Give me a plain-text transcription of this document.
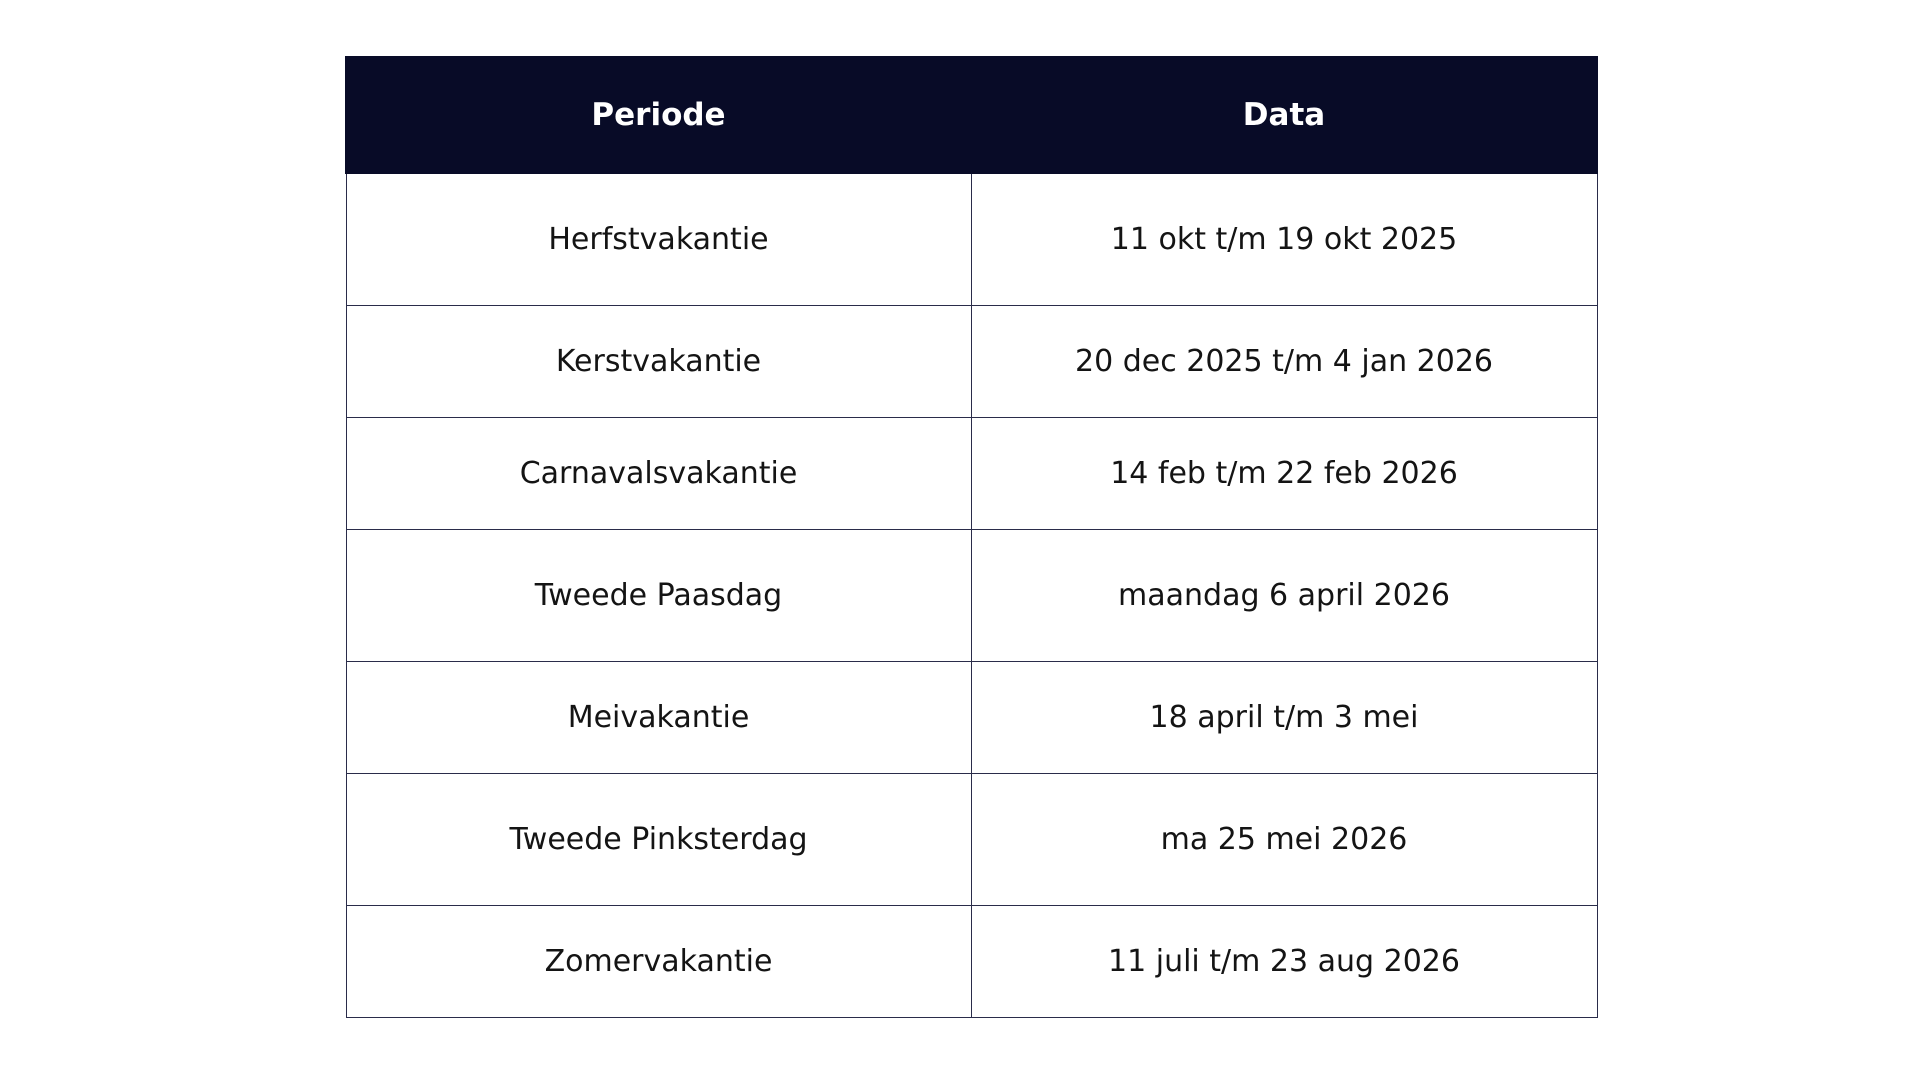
Periode	Data
Herfstvakantie	11 okt t/m 19 okt 2025
Kerstvakantie	20 dec 2025 t/m 4 jan 2026
Carnavalsvakantie	14 feb t/m 22 feb 2026
Tweede Paasdag	maandag 6 april 2026
Meivakantie	18 april t/m 3 mei
Tweede Pinksterdag	ma 25 mei 2026
Zomervakantie	11 juli t/m 23 aug 2026
